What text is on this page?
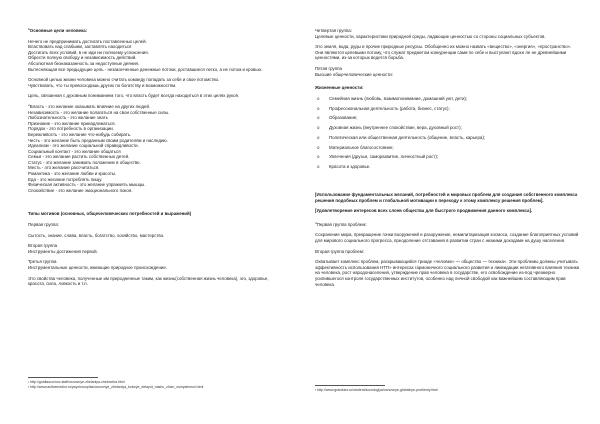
$^1$Основные цели человека:
Нечего не предпринимать достигать поставленных целей.
Властвовать над слабыми, заставлять находиться
Достигать всех условий, в не иди ни полноему успокоения.
Обрести полную свободу и независимость действий.
Абсолютная безнаказанность за недоступные деяния.
Вытесняющая все предыдущие цель - незаконченные денежные потоки, доставшиеся легко, а не потом и кровью.
Основной целью жизни человека можно считать команду попадать за себя и свое потомство.
Чувствовать, что ты превосходишь других по богатству и возможностям.
Цель, связанная с духовным пониманием того, что власть будет всегда находиться в этих целях рукоя.
$^2$Власть - это желание оказывать влияние на других людей.
Независимость - это желание полагаться на свои собственные силы.
Любознательность - это желание знать
Признание - это желание принадлежаться.
Порядок - это потребность в организации.
Бережливость - это желание что-нибудь собирать.
Честь - это желание быть преданным своим родителям и наследию.
Идеализм - это желание социальной справедливости.
Социальный контакт - это желание общаться
Семья - это желание растить собственных детей.
Статус - это желание занимать положение в обществе.
Месть - это желание рассчитаться.
Романтика - это желание любви и красоты.
Еда - это желание потреблять пищу.
Физическая активность - это желание упражнять мышцы.
Спокойствие - это желание эмоционального покоя.
Типы мотивов (основных, общечеловеческих потребностей и выражений)
Первая группа:
Сытость, знание, слава, власть, богатство, хозяйство, мастерство.
Вторая группа
Инструменты достижения первой.
Третья группа
Инструментальные ценности, имеющие природное происхождение.
Это свойства человека, полученные им природненные таким, как жизнь(собственная жизнь человека), эго, здоровье, красота, сила, ловкость и т.п.
¹ http://goldlaocu/noc-stati/osnovnye-zhelaniya-cheloveka.html
² http://www.activemedior.ru/psychosophia/osnovnye_zhelaniya_kotorye_delayut_nashu_zhizn_osmyslennoi.html
Четвертая группа:
Целевые ценности, характеристики природной среды, ладающие ценностью со стороны социальных субъектов.
Это земля, вода, руды и прочие природные ресурсы. Обобщенно их можно назвать «вещество», «энергия», «пространство». Они являются целевыми потому, что служат предметом конкуренции сами по себе и выступают вдохн ле не древнейшими ценностями, из-за которых ведется борьба.
Пятая группа
Высшие общечеловеческие ценности:
Жизненные ценности:
o Семейная жизнь (любовь, взаимопонимание, домашний уют, дети);
o Профессиональная деятельность (работа, бизнес, статус);
o Образование;
o Духовная жизнь (внутреннее спокойствие, вера, духовный рост);
o Политическая или общественная деятельность (общение, власть, карьера);
o Материальное благосостояние;
o Увлечения (друзья, саморазвитие, личностный рост);
o Красота и здоровье.
[Использование фундаментальных желаний, потребностей и мировых проблем для создания собственного комплекса решения подобных проблем и глобальной мотивации к переходу к этому комплексу решения проблем].
[Удовлетворение интересов всех слоев общества для быстрого продвижения данного комплекса].
$^3$Первая группа проблем:
Сохранение мира, прекращение гонки вооружений и разоружение, немилитаризация космоса, создание благоприятных условий для мирового социального прогресса, преодоление отставания в развитии стран с низкими доходами на душу населения.
Вторая группа проблем:
Охватывает комплекс проблем, раскрывающийся триаде «человек» — общество — техника». Эти проблемы должны учитывать эффективность использования НТП» интересах гармоничного социального развития и ликвидации негативного влияния техники на человека, рост народонаселения, утверждение прав человека в государстве, его освобождение из-под чрезмерно усилившегося контроля государственных институтов, особенно над личной свободой как важнейшим составляющим прав человека.
³ http://www.grandars.ru/student/sociologiya/osnovnye-globalnye-problemy.html
